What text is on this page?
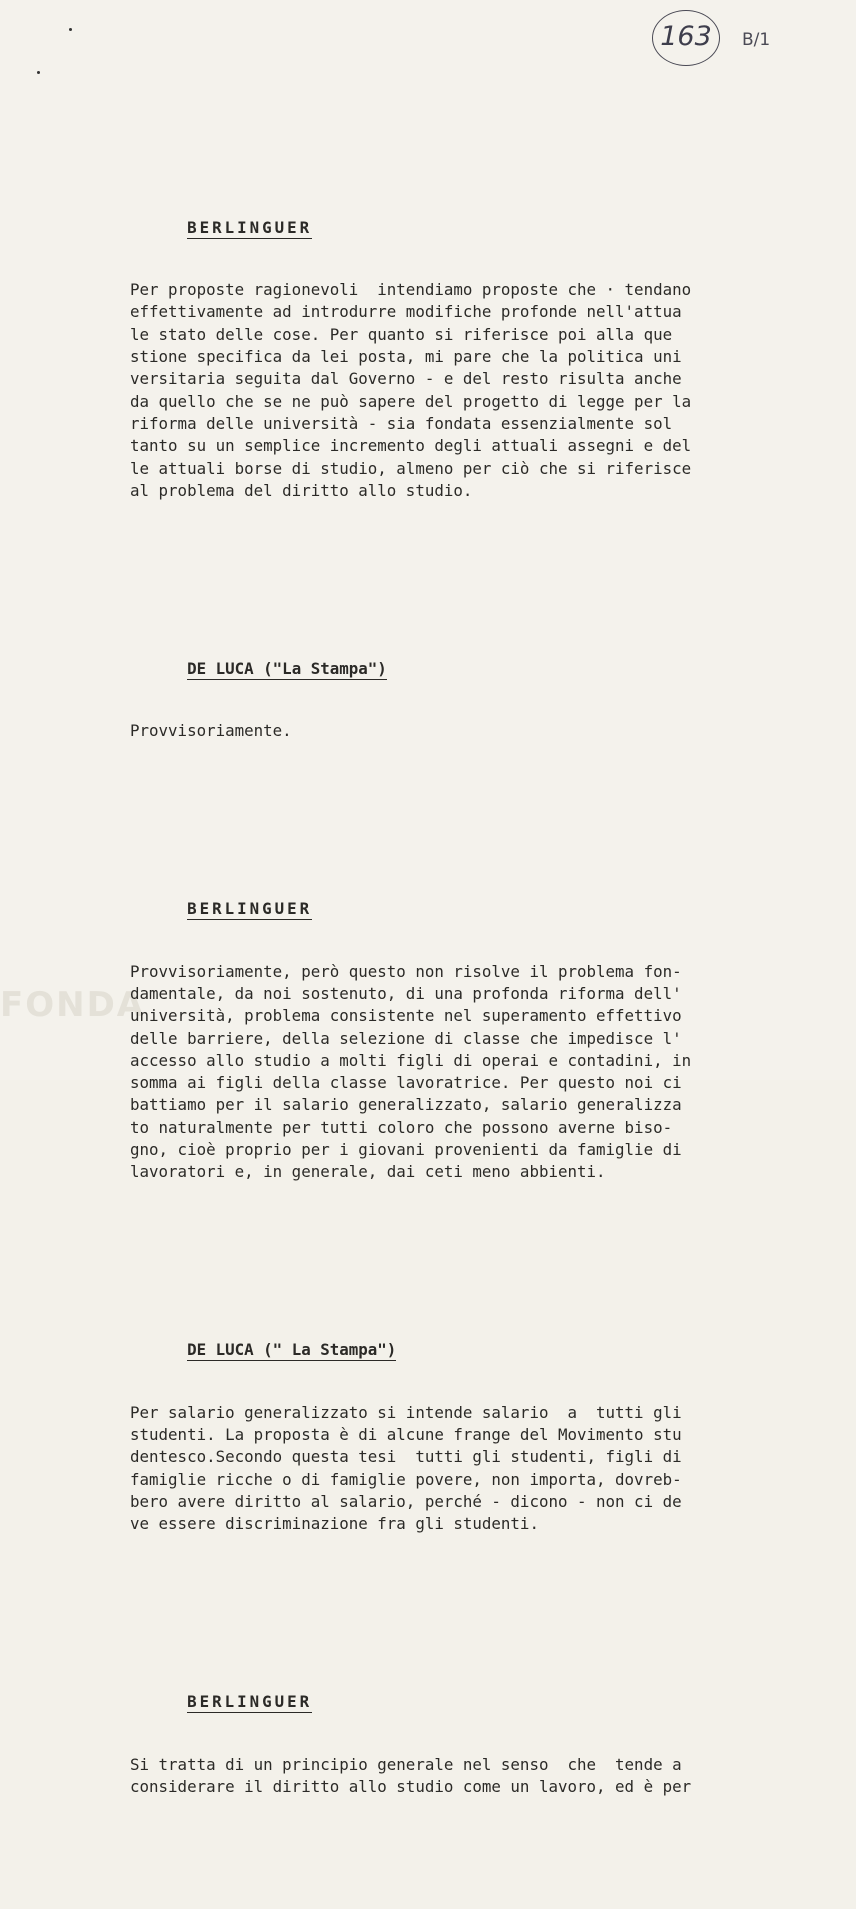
FONDA
163	B/1

BERLINGUER

Per proposte ragionevoli  intendiamo proposte che · tendano
effettivamente ad introdurre modifiche profonde nell'attua
le stato delle cose. Per quanto si riferisce poi alla que
stione specifica da lei posta, mi pare che la politica uni
versitaria seguita dal Governo - e del resto risulta anche
da quello che se ne può sapere del progetto di legge per la
riforma delle università - sia fondata essenzialmente sol
tanto su un semplice incremento degli attuali assegni e del
le attuali borse di studio, almeno per ciò che si riferisce
al problema del diritto allo studio.

DE LUCA ("La Stampa")

Provvisoriamente.

BERLINGUER

Provvisoriamente, però questo non risolve il problema fon-
damentale, da noi sostenuto, di una profonda riforma dell'
università, problema consistente nel superamento effettivo
delle barriere, della selezione di classe che impedisce l'
accesso allo studio a molti figli di operai e contadini, in
somma ai figli della classe lavoratrice. Per questo noi ci
battiamo per il salario generalizzato, salario generalizza
to naturalmente per tutti coloro che possono averne biso-
gno, cioè proprio per i giovani provenienti da famiglie di
lavoratori e, in generale, dai ceti meno abbienti.

DE LUCA (" La Stampa")

Per salario generalizzato si intende salario  a  tutti gli
studenti. La proposta è di alcune frange del Movimento stu
dentesco.Secondo questa tesi  tutti gli studenti, figli di
famiglie ricche o di famiglie povere, non importa, dovreb-
bero avere diritto al salario, perché - dicono - non ci de
ve essere discriminazione fra gli studenti.

BERLINGUER

Si tratta di un principio generale nel senso  che  tende a
considerare il diritto allo studio come un lavoro, ed è per
